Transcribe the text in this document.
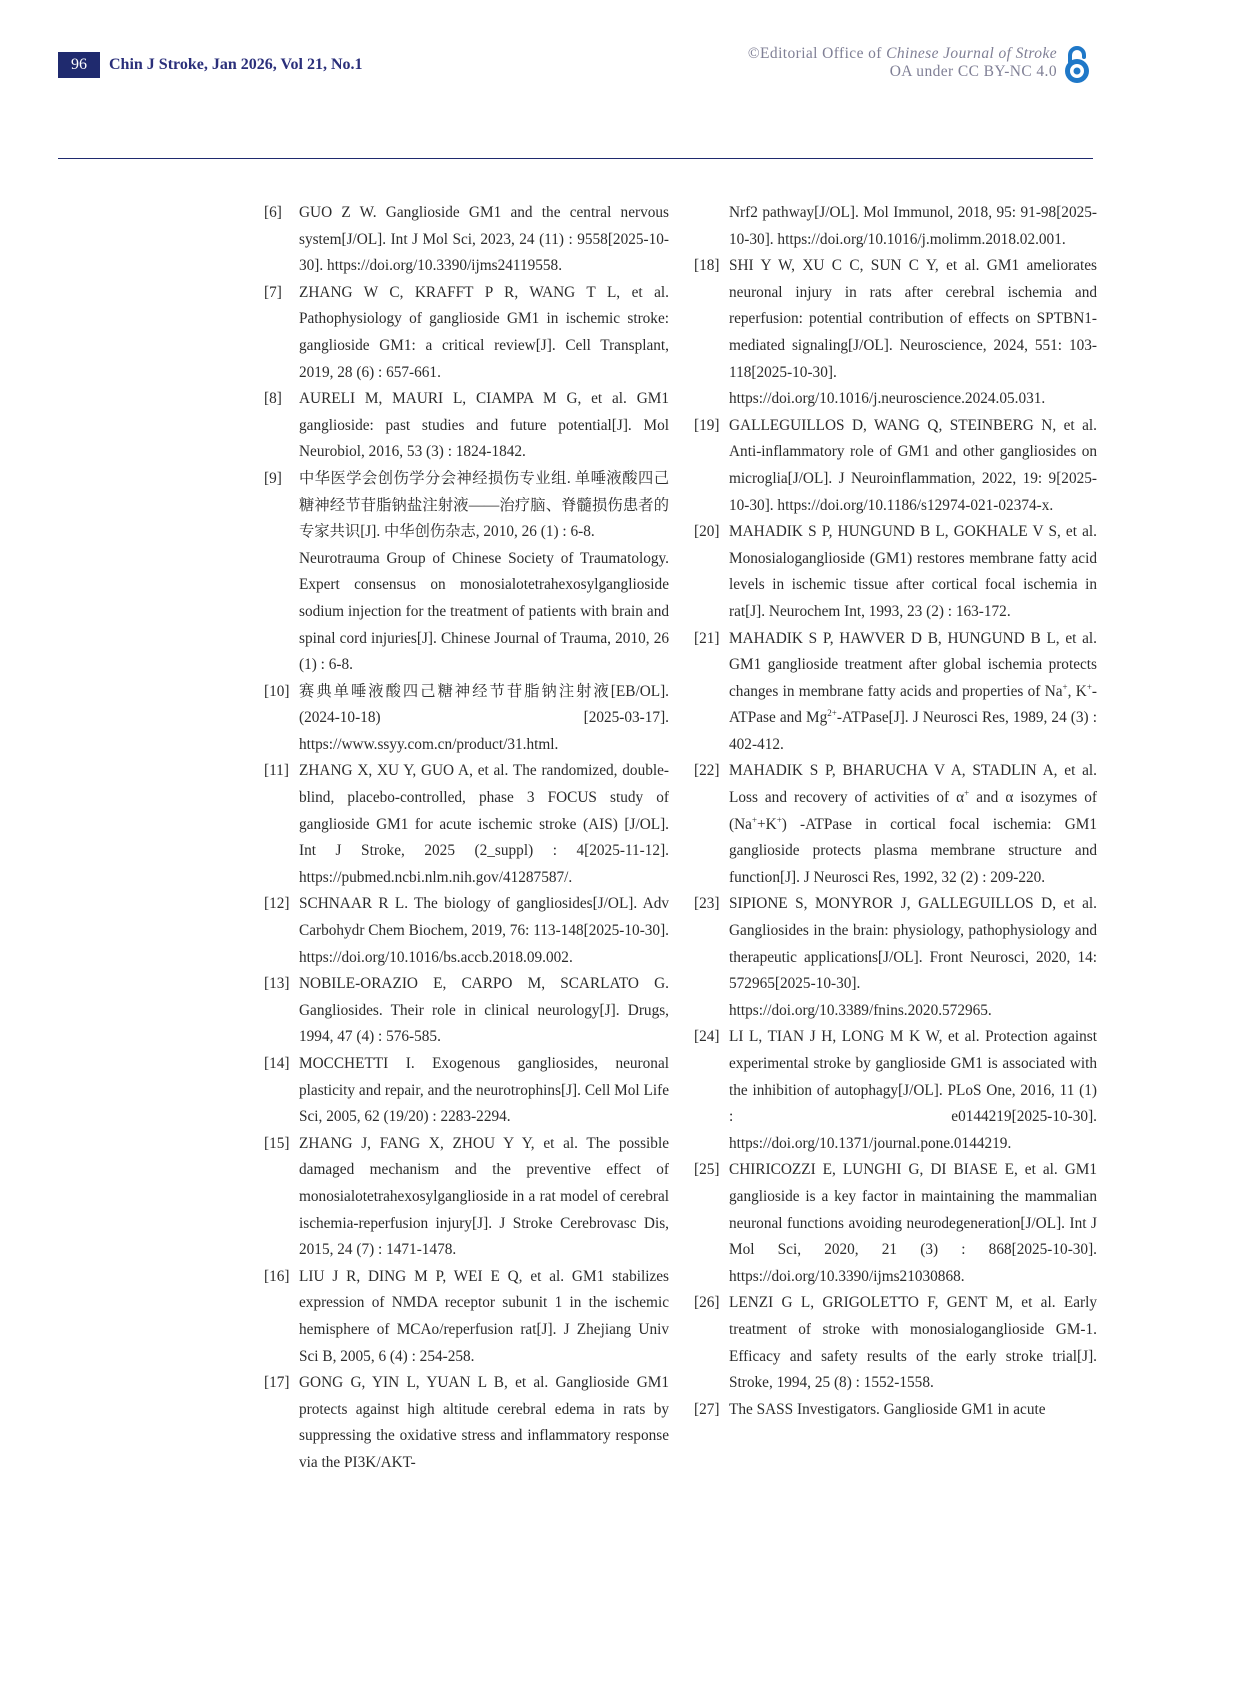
96	Chin J Stroke, Jan 2026, Vol 21, No.1
©Editorial Office of Chinese Journal of Stroke
OA under CC BY-NC 4.0
[6] GUO Z W. Ganglioside GM1 and the central nervous system[J/OL]. Int J Mol Sci, 2023, 24 (11) : 9558[2025-10-30]. https://doi.org/10.3390/ijms24119558.
[7] ZHANG W C, KRAFFT P R, WANG T L, et al. Pathophysiology of ganglioside GM1 in ischemic stroke: ganglioside GM1: a critical review[J]. Cell Transplant, 2019, 28 (6) : 657-661.
[8] AURELI M, MAURI L, CIAMPA M G, et al. GM1 ganglioside: past studies and future potential[J]. Mol Neurobiol, 2016, 53 (3) : 1824-1842.
[9] 中华医学会创伤学分会神经损伤专业组. 单唾液酸四己糖神经节苷脂钠盐注射液——治疗脑、脊髓损伤患者的专家共识[J]. 中华创伤杂志, 2010, 26 (1) : 6-8.
Neurotrauma Group of Chinese Society of Traumatology. Expert consensus on monosialotetrahexosylganglioside sodium injection for the treatment of patients with brain and spinal cord injuries[J]. Chinese Journal of Trauma, 2010, 26 (1) : 6-8.
[10] 赛典单唾液酸四己糖神经节苷脂钠注射液[EB/OL]. (2024-10-18) [2025-03-17]. https://www.ssyy.com.cn/product/31.html.
[11] ZHANG X, XU Y, GUO A, et al. The randomized, double-blind, placebo-controlled, phase 3 FOCUS study of ganglioside GM1 for acute ischemic stroke (AIS) [J/OL]. Int J Stroke, 2025 (2_suppl) : 4[2025-11-12]. https://pubmed.ncbi.nlm.nih.gov/41287587/.
[12] SCHNAAR R L. The biology of gangliosides[J/OL]. Adv Carbohydr Chem Biochem, 2019, 76: 113-148[2025-10-30]. https://doi.org/10.1016/bs.accb.2018.09.002.
[13] NOBILE-ORAZIO E, CARPO M, SCARLATO G. Gangliosides. Their role in clinical neurology[J]. Drugs, 1994, 47 (4) : 576-585.
[14] MOCCHETTI I. Exogenous gangliosides, neuronal plasticity and repair, and the neurotrophins[J]. Cell Mol Life Sci, 2005, 62 (19/20) : 2283-2294.
[15] ZHANG J, FANG X, ZHOU Y Y, et al. The possible damaged mechanism and the preventive effect of monosialotetrahexosylganglioside in a rat model of cerebral ischemia-reperfusion injury[J]. J Stroke Cerebrovasc Dis, 2015, 24 (7) : 1471-1478.
[16] LIU J R, DING M P, WEI E Q, et al. GM1 stabilizes expression of NMDA receptor subunit 1 in the ischemic hemisphere of MCAo/reperfusion rat[J]. J Zhejiang Univ Sci B, 2005, 6 (4) : 254-258.
[17] GONG G, YIN L, YUAN L B, et al. Ganglioside GM1 protects against high altitude cerebral edema in rats by suppressing the oxidative stress and inflammatory response via the PI3K/AKT-
Nrf2 pathway[J/OL]. Mol Immunol, 2018, 95: 91-98[2025-10-30]. https://doi.org/10.1016/j.molimm.2018.02.001.
[18] SHI Y W, XU C C, SUN C Y, et al. GM1 ameliorates neuronal injury in rats after cerebral ischemia and reperfusion: potential contribution of effects on SPTBN1-mediated signaling[J/OL]. Neuroscience, 2024, 551: 103-118[2025-10-30]. https://doi.org/10.1016/j.neuroscience.2024.05.031.
[19] GALLEGUILLOS D, WANG Q, STEINBERG N, et al. Anti-inflammatory role of GM1 and other gangliosides on microglia[J/OL]. J Neuroinflammation, 2022, 19: 9[2025-10-30]. https://doi.org/10.1186/s12974-021-02374-x.
[20] MAHADIK S P, HUNGUND B L, GOKHALE V S, et al. Monosialoganglioside (GM1) restores membrane fatty acid levels in ischemic tissue after cortical focal ischemia in rat[J]. Neurochem Int, 1993, 23 (2) : 163-172.
[21] MAHADIK S P, HAWVER D B, HUNGUND B L, et al. GM1 ganglioside treatment after global ischemia protects changes in membrane fatty acids and properties of Na+, K+-ATPase and $Mg^{2+}-ATPase[J]$. J Neurosci Res, 1989, 24 (3) : 402-412.
[22] MAHADIK S P, BHARUCHA V A, STADLIN A, et al. Loss and recovery of activities of α+ and α isozymes of (Na++K+) -ATPase in cortical focal ischemia: GM1 ganglioside protects plasma membrane structure and function[J]. J Neurosci Res, 1992, 32 (2) : 209-220.
[23] SIPIONE S, MONYROR J, GALLEGUILLOS D, et al. Gangliosides in the brain: physiology, pathophysiology and therapeutic applications[J/OL]. Front Neurosci, 2020, 14: 572965[2025-10-30]. https://doi.org/10.3389/fnins.2020.572965.
[24] LI L, TIAN J H, LONG M K W, et al. Protection against experimental stroke by ganglioside GM1 is associated with the inhibition of autophagy[J/OL]. PLoS One, 2016, 11 (1) : e0144219[2025-10-30]. https://doi.org/10.1371/journal.pone.0144219.
[25] CHIRICOZZI E, LUNGHI G, DI BIASE E, et al. GM1 ganglioside is a key factor in maintaining the mammalian neuronal functions avoiding neurodegeneration[J/OL]. Int J Mol Sci, 2020, 21 (3) : 868[2025-10-30]. https://doi.org/10.3390/ijms21030868.
[26] LENZI G L, GRIGOLETTO F, GENT M, et al. Early treatment of stroke with monosialoganglioside GM-1. Efficacy and safety results of the early stroke trial[J]. Stroke, 1994, 25 (8) : 1552-1558.
[27] The SASS Investigators. Ganglioside GM1 in acute
